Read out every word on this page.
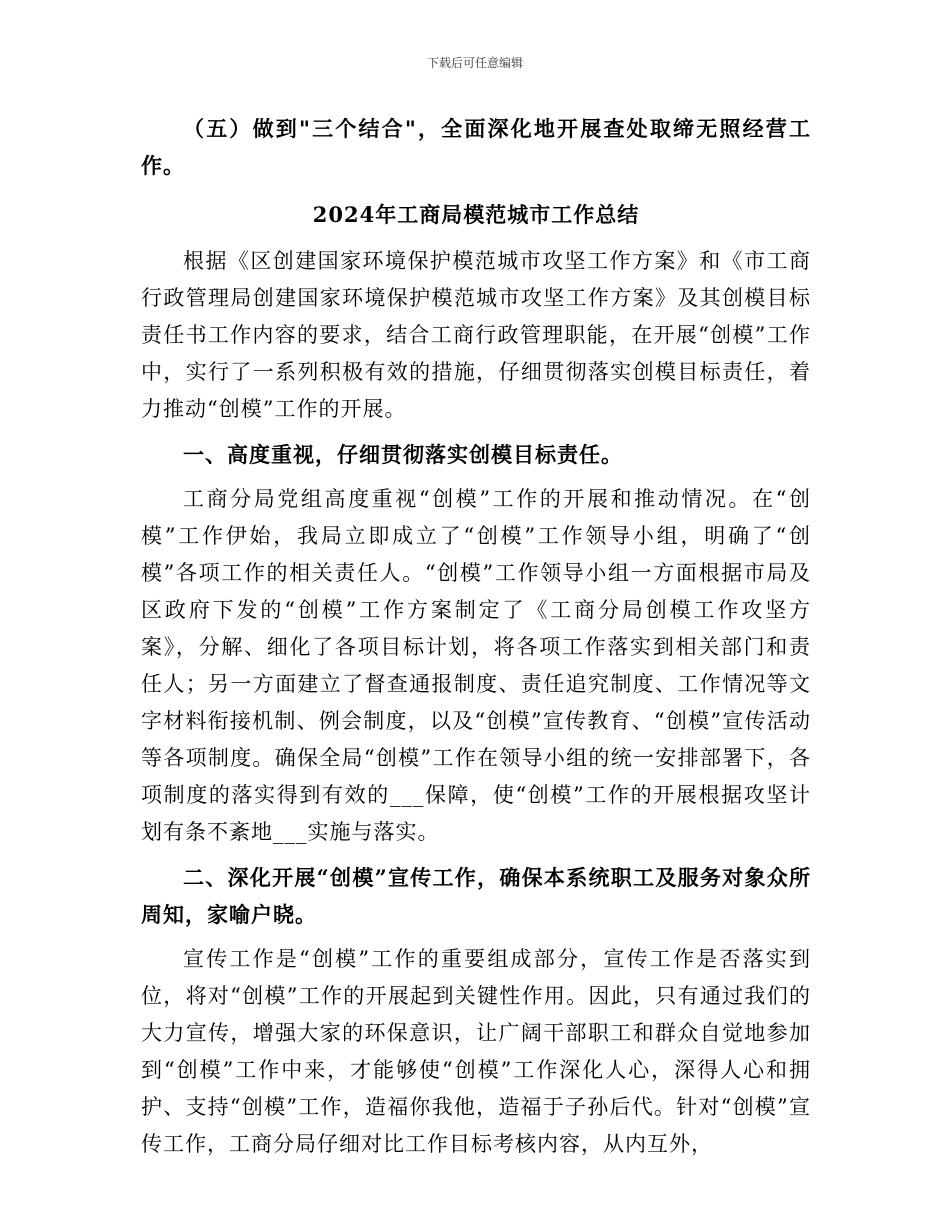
下载后可任意编辑

（五）做到"三个结合"，全面深化地开展查处取缔无照经营工作。

2024年工商局模范城市工作总结

根据《区创建国家环境保护模范城市攻坚工作方案》和《市工商行政管理局创建国家环境保护模范城市攻坚工作方案》及其创模目标责任书工作内容的要求，结合工商行政管理职能，在开展“创模”工作中，实行了一系列积极有效的措施，仔细贯彻落实创模目标责任，着力推动“创模”工作的开展。

一、高度重视，仔细贯彻落实创模目标责任。

工商分局党组高度重视“创模”工作的开展和推动情况。在“创模”工作伊始，我局立即成立了“创模”工作领导小组，明确了“创模”各项工作的相关责任人。“创模”工作领导小组一方面根据市局及区政府下发的“创模”工作方案制定了《工商分局创模工作攻坚方案》，分解、细化了各项目标计划，将各项工作落实到相关部门和责任人；另一方面建立了督查通报制度、责任追究制度、工作情况等文字材料衔接机制、例会制度，以及“创模”宣传教育、“创模”宣传活动等各项制度。确保全局“创模”工作在领导小组的统一安排部署下，各项制度的落实得到有效的___保障，使“创模”工作的开展根据攻坚计划有条不紊地___实施与落实。

二、深化开展“创模”宣传工作，确保本系统职工及服务对象众所周知，家喻户晓。

宣传工作是“创模”工作的重要组成部分，宣传工作是否落实到位，将对“创模”工作的开展起到关键性作用。因此，只有通过我们的大力宣传，增强大家的环保意识，让广阔干部职工和群众自觉地参加到“创模”工作中来，才能够使“创模”工作深化人心，深得人心和拥护、支持“创模”工作，造福你我他，造福于子孙后代。针对“创模”宣传工作，工商分局仔细对比工作目标考核内容，从内互外，
